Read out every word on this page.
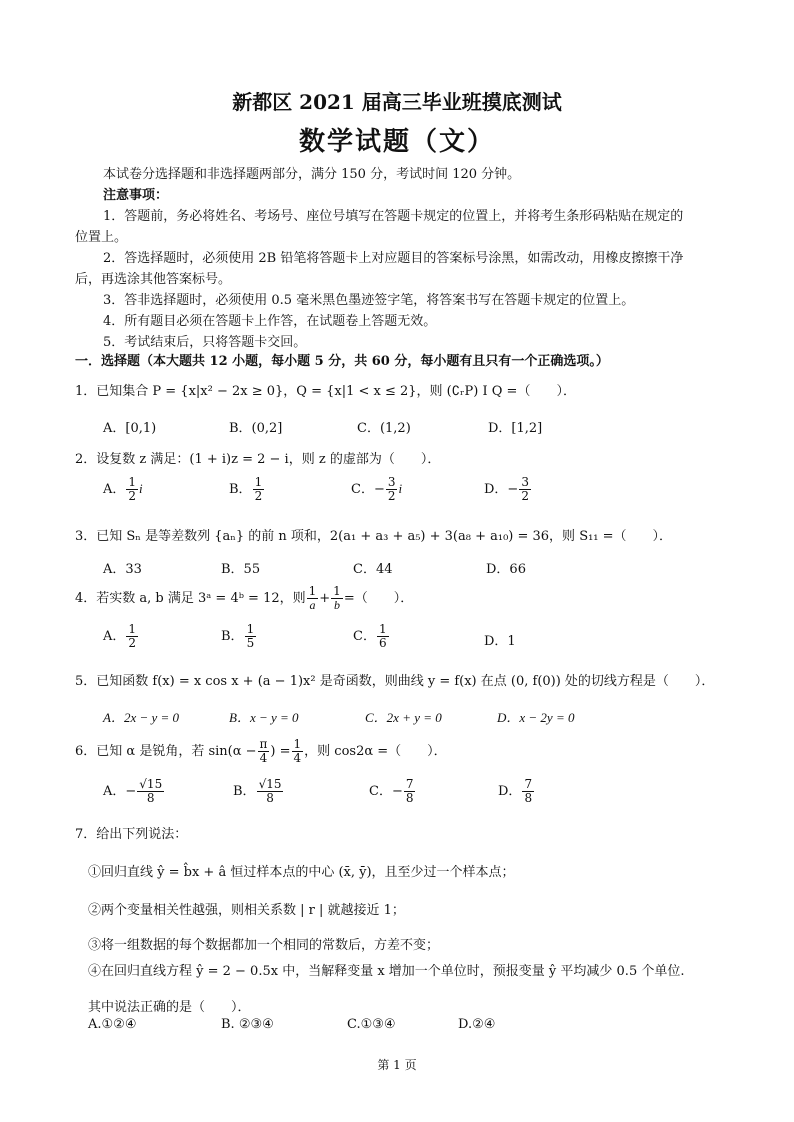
新都区 2021 届高三毕业班摸底测试
数学试题（文）
本试卷分选择题和非选择题两部分，满分 150 分，考试时间 120 分钟。
注意事项：
1．答题前，务必将姓名、考场号、座位号填写在答题卡规定的位置上，并将考生条形码粘贴在规定的
位置上。
2．答选择题时，必须使用 2B 铅笔将答题卡上对应题目的答案标号涂黑，如需改动，用橡皮擦擦干净
后，再选涂其他答案标号。
3．答非选择题时，必须使用 0.5 毫米黑色墨迹签字笔，将答案书写在答题卡规定的位置上。
4．所有题目必须在答题卡上作答，在试题卷上答题无效。
5．考试结束后，只将答题卡交回。
一．选择题（本大题共 12 小题，每小题 5 分，共 60 分，每小题有且只有一个正确选项。）
1．已知集合 P = {x|x² − 2x ≥ 0}，Q = {x|1 < x ≤ 2}，则 (∁ᵣP) I Q =（　　）．
A．[0,1)	B．(0,2]	C．(1,2)	D．[1,2]
2．设复数 z 满足：(1 + i)z = 2 − i，则 z 的虚部为（　　）．
A． $\frac{1}{2}$ i	B． $\frac{1}{2}$	C．− $\frac{3}{2}$ i	D．− $\frac{3}{2}$
3．已知 Sₙ 是等差数列 {aₙ} 的前 n 项和，2(a₁ + a₃ + a₅) + 3(a₈ + a₁₀) = 36，则 S₁₁ =（　　）．
A．33	B．55	C．44	D．66
4．若实数 a, b 满足 3ᵃ = 4ᵇ = 12，则 $\frac{1}{a} + \frac{1}{b}$ =（　　）．
A． $\frac{1}{2}$	B． $\frac{1}{5}$	C． $\frac{1}{6}$	D．1
5．已知函数 f(x) = x cos x + (a − 1)x² 是奇函数，则曲线 y = f(x) 在点 (0, f(0)) 处的切线方程是（　　）．
A．2x − y = 0	B．x − y = 0	C．2x + y = 0	D．x − 2y = 0
6．已知 α 是锐角，若 $\sin(\alpha - \frac{\pi}{4}$ ) = $\frac{1}{4}$ ，则 cos2α =（　　）．
A．− $\frac{√15}{8}$	B． $\frac{√15}{8}$	C．− $\frac{7}{8}$	D． $\frac{7}{8}$
7．给出下列说法：
①回归直线 ŷ = b̂x + â 恒过样本点的中心 (x̄, ȳ)，且至少过一个样本点；
②两个变量相关性越强，则相关系数 | r | 就越接近 1；
③将一组数据的每个数据都加一个相同的常数后，方差不变；
④在回归直线方程 ŷ = 2 − 0.5x 中，当解释变量 x 增加一个单位时，预报变量 ŷ 平均减少 0.5 个单位.
其中说法正确的是（　　）．
A.①②④	B. ②③④	C.①③④	D.②④
第 1 页
